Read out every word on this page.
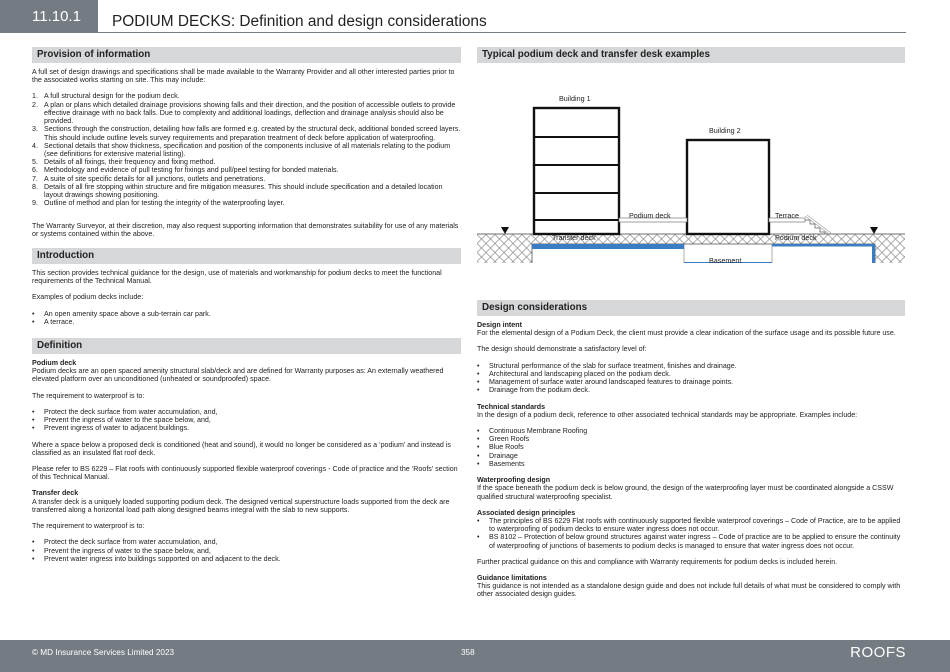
11.10.1	PODIUM DECKS: Definition and design considerations
Provision of information

A full set of design drawings and specifications shall be made available to the Warranty Provider and all other interested parties prior to the associated works starting on site. This may include:

1. A full structural design for the podium deck.
2. A plan or plans which detailed drainage provisions showing falls and their direction, and the position of accessible outlets to provide effective drainage with no back falls. Due to complexity and additional loadings, deflection and drainage analysis should also be provided.
3. Sections through the construction, detailing how falls are formed e.g. created by the structural deck, additional bonded screed layers. This should include outline levels survey requirements and preparation treatment of deck before application of waterproofing.
4. Sectional details that show thickness, specification and position of the components inclusive of all materials relating to the podium (see definitions for extensive material listing).
5. Details of all fixings, their frequency and fixing method.
6. Methodology and evidence of pull testing for fixings and pull/peel testing for bonded materials.
7. A suite of site specific details for all junctions, outlets and penetrations.
8. Details of all fire stopping within structure and fire mitigation measures. This should include specification and a detailed location layout drawings showing positioning.
9. Outline of method and plan for testing the integrity of the waterproofing layer.

The Warranty Surveyor, at their discretion, may also request supporting information that demonstrates suitability for use of any materials or systems contained within the above.

Introduction

This section provides technical guidance for the design, use of materials and workmanship for podium decks to meet the functional requirements of the Technical Manual.

Examples of podium decks include:

• An open amenity space above a sub-terrain car park.
• A terrace.
Definition
Podium deck

Podium decks are an open spaced amenity structural slab/deck and are defined for Warranty purposes as: An externally weathered elevated platform over an unconditioned (unheated or soundproofed) space.

The requirement to waterproof is to:

• Protect the deck surface from water accumulation, and,
• Prevent the ingress of water to the space below, and,
• Prevent ingress of water to adjacent buildings.

Where a space below a proposed deck is conditioned (heat and sound), it would no longer be considered as a ‘podium’ and instead is classified as an insulated flat roof deck.

Please refer to BS 6229 – Flat roofs with continuously supported flexible waterproof coverings - Code of practice and the ‘Roofs’ section of this Technical Manual.

Transfer deck

A transfer deck is a uniquely loaded supporting podium deck. The designed vertical superstructure loads supported from the deck are transferred along a horizontal load path along designed beams integral with the slab to new supports.

The requirement to waterproof is to:

• Protect the deck surface from water accumulation, and,
• Prevent the ingress of water to the space below, and,
• Prevent water ingress into buildings supported on and adjacent to the deck.
Typical podium deck and transfer desk examples
Building 1
Building 2
Podium deck	Terrace
Transfer deck	Podium deck
Basement
Design considerations
Design intent

For the elemental design of a Podium Deck, the client must provide a clear indication of the surface usage and its possible future use.

The design should demonstrate a satisfactory level of:

• Structural performance of the slab for surface treatment, finishes and drainage.
• Architectural and landscaping placed on the podium deck.
• Management of surface water around landscaped features to drainage points.
• Drainage from the podium deck.
Technical standards

In the design of a podium deck, reference to other associated technical standards may be appropriate. Examples include:

• Continuous Membrane Roofing
• Green Roofs
• Blue Roofs
• Drainage
• Basements
Waterproofing design

If the space beneath the podium deck is below ground, the design of the waterproofing layer must be coordinated alongside a CSSW qualified structural waterproofing specialist.

Associated design principles
• The principles of BS 6229 Flat roofs with continuously supported flexible waterproof coverings – Code of Practice, are to be applied to waterproofing of podium decks to ensure water ingress does not occur.
• BS 8102 – Protection of below ground structures against water ingress – Code of practice are to be applied to ensure the continuity of waterproofing of junctions of basements to podium decks is managed to ensure that water ingress does not occur.

Further practical guidance on this and compliance with Warranty requirements for podium decks is included herein.

Guidance limitations

This guidance is not intended as a standalone design guide and does not include full details of what must be considered to comply with other associated design guides.

© MD Insurance Services Limited 2023	358	ROOFS
